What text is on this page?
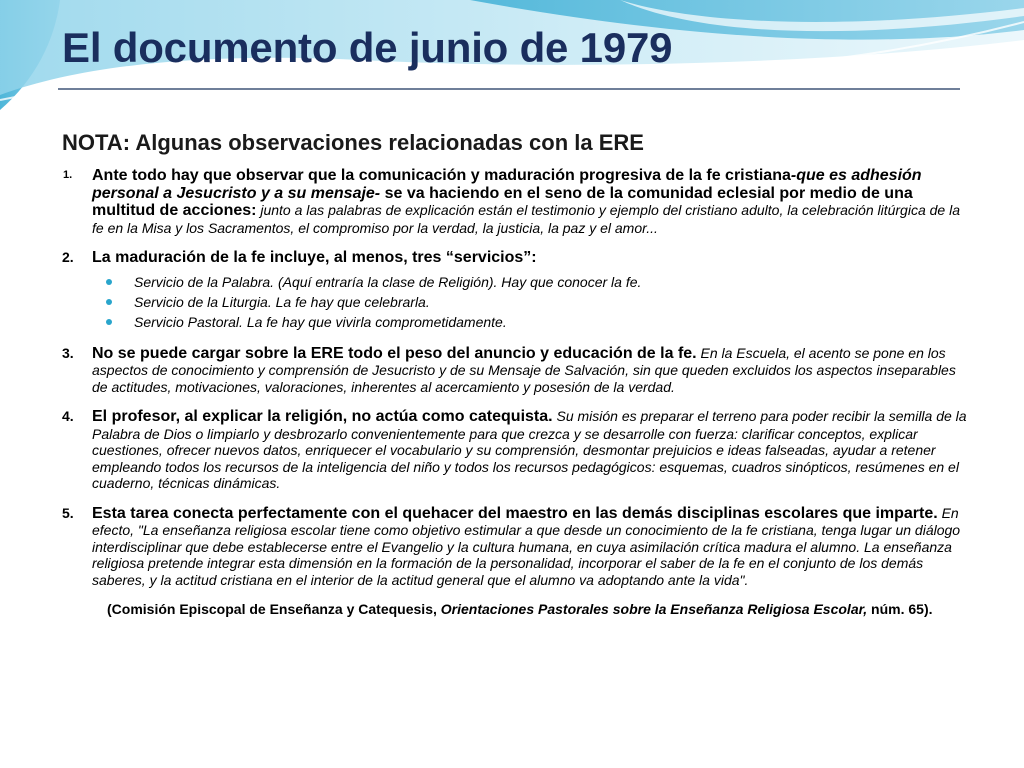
El documento de junio de 1979
NOTA: Algunas observaciones relacionadas con la ERE
1. Ante todo hay que observar que la comunicación y maduración progresiva de la fe cristiana-que es adhesión personal a Jesucristo y a su mensaje- se va haciendo en el seno de la comunidad eclesial por medio de una multitud de acciones: junto a las palabras de explicación están el testimonio y ejemplo del cristiano adulto, la celebración litúrgica de la fe en la Misa y los Sacramentos, el compromiso por la verdad, la justicia, la paz y el amor...
2. La maduración de la fe incluye, al menos, tres “servicios”:
Servicio de la Palabra. (Aquí entraría la clase de Religión). Hay que conocer la fe.
Servicio de la Liturgia. La fe hay que celebrarla.
Servicio Pastoral. La fe hay que vivirla comprometidamente.
3. No se puede cargar sobre la ERE todo el peso del anuncio y educación de la fe. En la Escuela, el acento se pone en los aspectos de conocimiento y comprensión de Jesucristo y de su Mensaje de Salvación, sin que queden excluidos los aspectos inseparables de actitudes, motivaciones, valoraciones, inherentes al acercamiento y posesión de la verdad.
4. El profesor, al explicar la religión, no actúa como catequista. Su misión es preparar el terreno para poder recibir la semilla de la Palabra de Dios o limpiarlo y desbrozarlo convenientemente para que crezca y se desarrolle con fuerza: clarificar conceptos, explicar cuestiones, ofrecer nuevos datos, enriquecer el vocabulario y su comprensión, desmontar prejuicios e ideas falseadas, ayudar a retener empleando todos los recursos de la inteligencia del niño y todos los recursos pedagógicos: esquemas, cuadros sinópticos, resúmenes en el cuaderno, técnicas dinámicas.
5. Esta tarea conecta perfectamente con el quehacer del maestro en las demás disciplinas escolares que imparte. En efecto, "La enseñanza religiosa escolar tiene como objetivo estimular a que desde un conocimiento de la fe cristiana, tenga lugar un diálogo interdisciplinar que debe establecerse entre el Evangelio y la cultura humana, en cuya asimilación crítica madura el alumno. La enseñanza religiosa pretende integrar esta dimensión en la formación de la personalidad, incorporar el saber de la fe en el conjunto de los demás saberes, y la actitud cristiana en el interior de la actitud general que el alumno va adoptando ante la vida".

(Comisión Episcopal de Enseñanza y Catequesis, Orientaciones Pastorales sobre la Enseñanza Religiosa Escolar, núm. 65).
